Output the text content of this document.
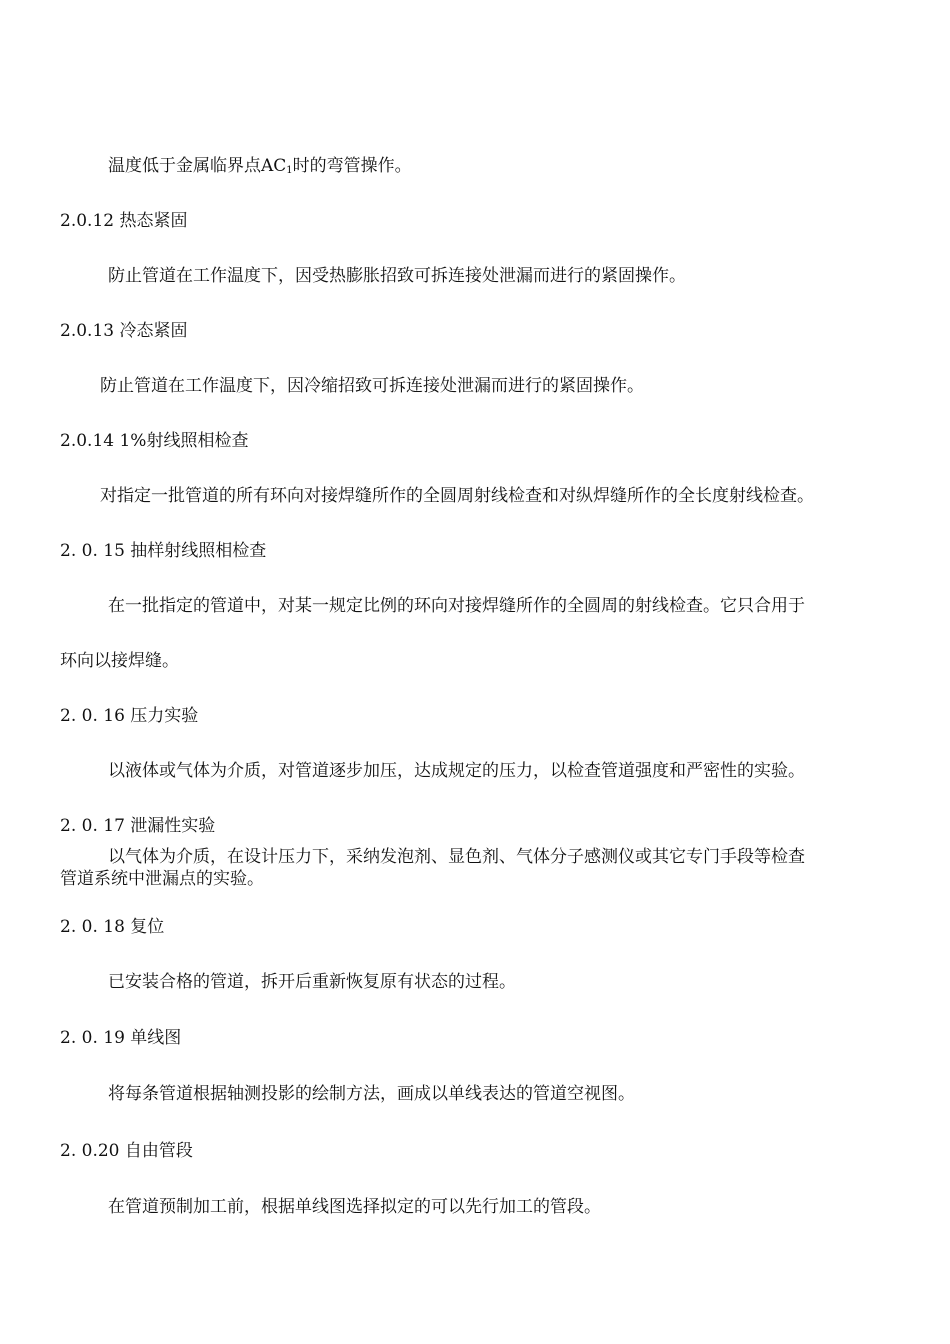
温度低于金属临界点$AC_1$时的弯管操作。
2.0.12 热态紧固
防止管道在工作温度下，因受热膨胀招致可拆连接处泄漏而进行的紧固操作。
2.0.13 冷态紧固
防止管道在工作温度下，因冷缩招致可拆连接处泄漏而进行的紧固操作。
2.0.14 1%射线照相检查
对指定一批管道的所有环向对接焊缝所作的全圆周射线检查和对纵焊缝所作的全长度射线检查。
2. 0. 15 抽样射线照相检查
在一批指定的管道中，对某一规定比例的环向对接焊缝所作的全圆周的射线检查。它只合用于
环向以接焊缝。
2. 0. 16 压力实验
以液体或气体为介质，对管道逐步加压，达成规定的压力，以检查管道强度和严密性的实验。
2. 0. 17 泄漏性实验
以气体为介质，在设计压力下，采纳发泡剂、显色剂、气体分子感测仪或其它专门手段等检查
管道系统中泄漏点的实验。
2. 0. 18 复位
已安装合格的管道，拆开后重新恢复原有状态的过程。
2. 0. 19 单线图
将每条管道根据轴测投影的绘制方法，画成以单线表达的管道空视图。
2. 0.20 自由管段
在管道预制加工前，根据单线图选择拟定的可以先行加工的管段。
